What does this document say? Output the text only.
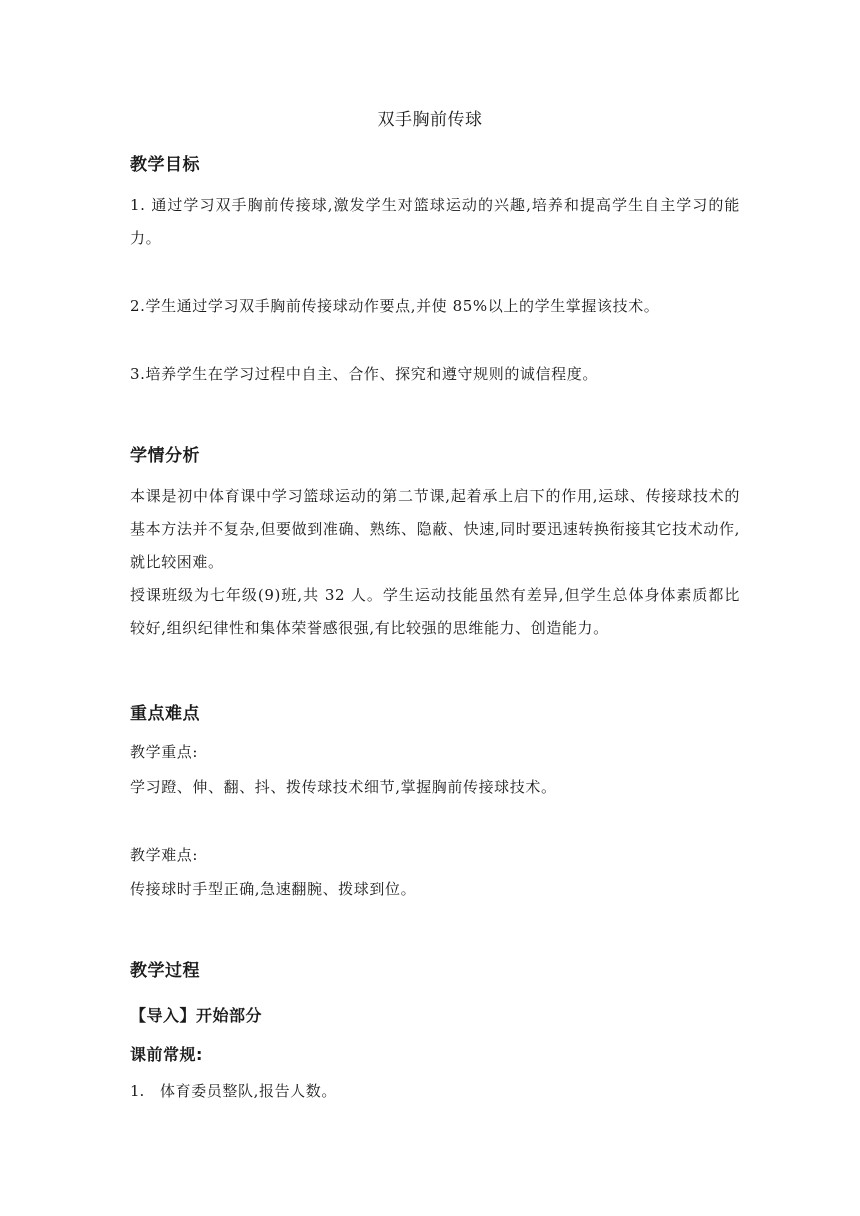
双手胸前传球
教学目标
1. 通过学习双手胸前传接球,激发学生对篮球运动的兴趣,培养和提高学生自主学习的能力。
2.学生通过学习双手胸前传接球动作要点,并使 85%以上的学生掌握该技术。
3.培养学生在学习过程中自主、合作、探究和遵守规则的诚信程度。
学情分析
本课是初中体育课中学习篮球运动的第二节课,起着承上启下的作用,运球、传接球技术的基本方法并不复杂,但要做到准确、熟练、隐蔽、快速,同时要迅速转换衔接其它技术动作,就比较困难。
授课班级为七年级(9)班,共 32 人。学生运动技能虽然有差异,但学生总体身体素质都比较好,组织纪律性和集体荣誉感很强,有比较强的思维能力、创造能力。
重点难点
教学重点:
学习蹬、伸、翻、抖、拨传球技术细节,掌握胸前传接球技术。
教学难点:
传接球时手型正确,急速翻腕、拨球到位。
教学过程
【导入】开始部分
课前常规:
1. 体育委员整队,报告人数。
